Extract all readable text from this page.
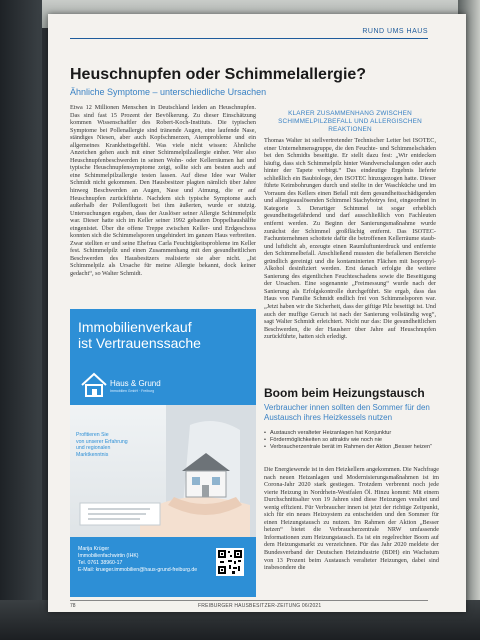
RUND UMS HAUS
Heuschnupfen oder Schimmelallergie?
Ähnliche Symptome – unterschiedliche Ursachen
Etwa 12 Millionen Menschen in Deutschland leiden an Heuschnupfen. Das sind fast 15 Prozent der Bevölkerung. Zu dieser Einschätzung kommen Wissenschaftler des Robert-Koch-Instituts. Die typischen Symptome bei Pollenallergie sind tränende Augen, eine laufende Nase, ständiges Niesen, aber auch Kopfschmerzen, Atemprobleme und ein allgemeines Krankheitsgefühl. Was viele nicht wissen: Ähnliche Anzeichen gehen auch mit einer Schimmelpilzallergie einher. Wer also Heuschnupfenbeschwerden in seinen Wohn- oder Kellerräumen hat und typische Heuschnupfensymptome zeigt, sollte sich am besten auch auf eine Schimmelpilzallergie testen lassen. Auf diese Idee war Walter Schmidt nicht gekommen. Den Hausbesitzer plagten nämlich über Jahre hinweg Beschwerden an Augen, Nase und Atmung, die er auf Heuschnupfen zurückführte. Nachdem sich typische Symptome auch außerhalb der Pollenflugzeit bei ihm äußerten, wurde er stutzig. Untersuchungen ergaben, dass der Auslöser seiner Allergie Schimmelpilz war. Dieser hatte sich im Keller seiner 1992 gebauten Doppelhaushälfte eingenistet. Über die offene Treppe zwischen Keller- und Erdgeschoss konnten sich die Schimmelsporen ungehindert im ganzen Haus verbreiten. Zwar stellten er und seine Ehefrau Carla Feuchtigkeitsprobleme im Keller fest. Schimmelpilz und einen Zusammenhang mit den gesundheitlichen Beschwerden des Hausbesitzers realisierte sie aber nicht. „Ist Schimmelpilz als Ursache für meine Allergie bekannt, dock keiner gedacht“, so Walter Schmidt.
KLARER ZUSAMMENHANG ZWISCHEN SCHIMMELPILZBEFALL UND ALLERGISCHEN REAKTIONEN
Thomas Walter ist stellvertretender Technischer Leiter bei ISOTEC, einer Unternehmensgruppe, die den Feuchte- und Schimmelschäden bei den Schmidts beseitigte. Er stellt dazu fest: „Wir entdecken häufig, dass sich Schimmelpilz hinter Wandverschalungen oder auch hinter der Tapete verbirgt.“ Das eindeutige Ergebnis lieferte schließlich ein Baubiologe, den ISOTEC hinzugezogen hatte. Dieser führte Keimbohrungen durch und stellte in der Waschküche und im Vorraum des Kellers einen Befall mit dem gesundheitsschädigenden und allergieauslösenden Schimmel Stachybotrys fest, eingeordnet in Kategorie 3. Derartiger Schimmel ist sogar erheblich gesundheitsgefährdend und darf ausschließlich von Fachleuten entfernt werden. Zu Beginn der Sanierungsmaßnahme wurde zunächst der Schimmel großflächig entfernt. Das ISOTEC-Fachunternehmen schottete dafür die betroffenen Kellerräume staub- und luftdicht ab, erzeugte einen Raumluftunterdruck und entfernte den Schimmelbefall. Anschließend mussten die befallenen Bereiche gründlich gereinigt und die kontaminierten Flächen mit Isopropyl-Alkohol desinfiziert werden. Erst danach erfolgte die weitere Sanierung des eigentlichen Feuchteschadens sowie die Beseitigung der Ursachen. Eine sogenannte „Freimessung“ wurde nach der Sanierung als Erfolgskontrolle durchgeführt. Sie ergab, dass das Haus von Familie Schmidt endlich frei von Schimmelsporen war. „Jetzt haben wir die Sicherheit, dass der giftige Pilz beseitigt ist. Und auch der muffige Geruch ist nach der Sanierung vollständig weg“, sagt Walter Schmidt erleichtert. Nicht nur das: Die gesundheitlichen Beschwerden, die der Hausherr über Jahre auf Heuschnupfen zurückführte, hatten sich erledigt.
Immobilienverkauf
ist Vertrauenssache
Haus & Grund
Immobilien GmbH · Freiburg
Profitieren Sie
von unserer Erfahrung
und regionalen Marktkenntnis
Marija Krüger
Immobilienfachwirtin (IHK)
Tel. 0761 38960-17
E-Mail: krueger.immobilien@haus-grund-freiburg.de
Boom beim Heizungstausch
Verbraucher innen sollten den Sommer für den Austausch ihres Heizkessels nutzen
• Austausch veralteter Heizanlagen hat Konjunktur
• Fördermöglichkeiten so attraktiv wie noch nie
• Verbraucherzentrale berät im Rahmen der Aktion „Besser heizen“
Die Energiewende ist in den Heizkellern angekommen. Die Nachfrage nach neuen Heizanlagen und Modernisierungsmaßnahmen ist im Corona-Jahr 2020 stark gestiegen. Trotzdem verbrennt noch jede vierte Heizung in Nordrhein-Westfalen Öl. Hinzu kommt: Mit einem Durchschnittsalter von 19 Jahren sind diese Heizungen veraltet und wenig effizient. Für Verbraucher innen ist jetzt der richtige Zeitpunkt, sich für ein neues Heizsystem zu entscheiden und den Sommer für einen Heizungstausch zu nutzen. Im Rahmen der Aktion „Besser heizen“ bietet die Verbraucherzentrale NRW umfassende Informationen zum Heizungstausch. Es ist ein regelrechter Boom auf dem Heizungsmarkt zu verzeichnen. Für das Jahr 2020 meldete der Bundesverband der Deutschen Heizindustrie (BDH) ein Wachstum von 13 Prozent beim Austausch veralteter Heizungen, dabei sind insbesondere die
78	FREIBURGER HAUSBESITZER-ZEITUNG 06/2021
